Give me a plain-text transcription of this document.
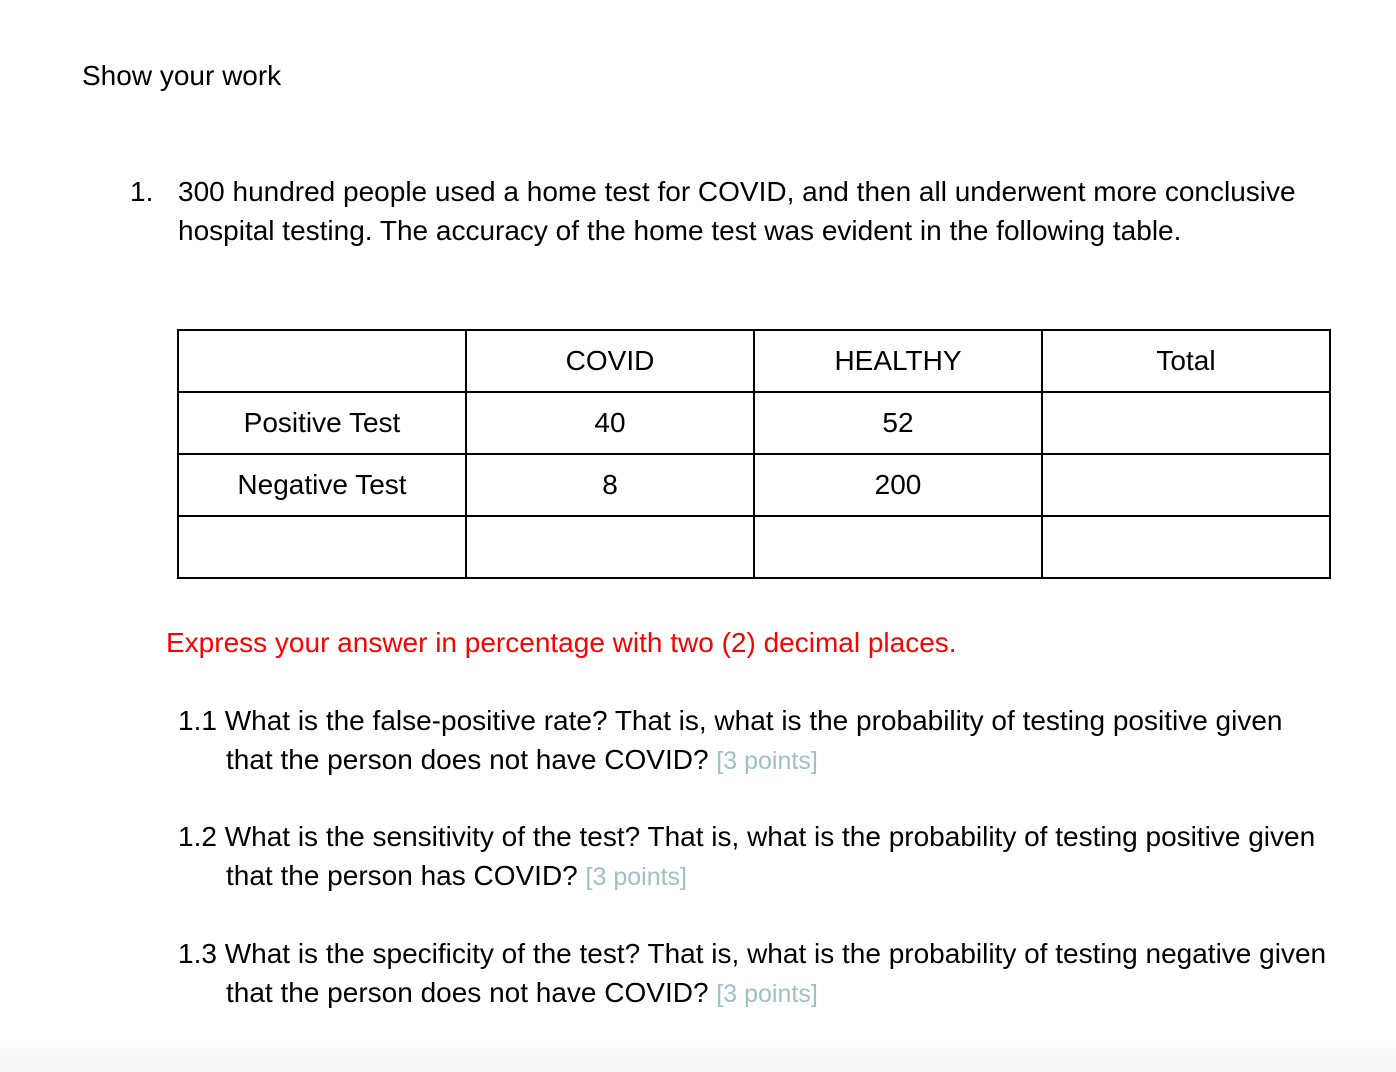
Show your work
1. 300 hundred people used a home test for COVID, and then all underwent more conclusive hospital testing. The accuracy of the home test was evident in the following table.
	COVID	HEALTHY	Total
Positive Test	40	52	
Negative Test	8	200	

Express your answer in percentage with two (2) decimal places.
1.1 What is the false-positive rate? That is, what is the probability of testing positive given that the person does not have COVID? [3 points]
1.2 What is the sensitivity of the test? That is, what is the probability of testing positive given that the person has COVID? [3 points]
1.3 What is the specificity of the test? That is, what is the probability of testing negative given that the person does not have COVID? [3 points]
